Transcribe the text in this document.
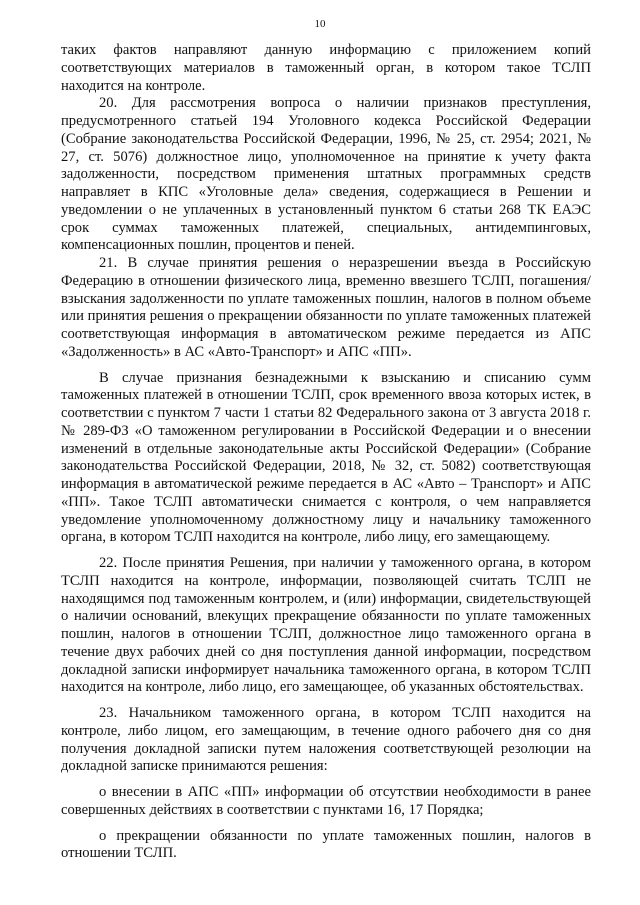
10

таких фактов направляют данную информацию с приложением копий соответствующих материалов в таможенный орган, в котором такое ТСЛП находится на контроле.

20. Для рассмотрения вопроса о наличии признаков преступления, предусмотренного статьей 194 Уголовного кодекса Российской Федерации (Собрание законодательства Российской Федерации, 1996, № 25, ст. 2954; 2021, № 27, ст. 5076) должностное лицо, уполномоченное на принятие к учету факта задолженности, посредством применения штатных программных средств направляет в КПС «Уголовные дела» сведения, содержащиеся в Решении и уведомлении о не уплаченных в установленный пунктом 6 статьи 268 ТК ЕАЭС срок суммах таможенных платежей, специальных, антидемпинговых, компенсационных пошлин, процентов и пеней.

21. В случае принятия решения о неразрешении въезда в Российскую Федерацию в отношении физического лица, временно ввезшего ТСЛП, погашения/взыскания задолженности по уплате таможенных пошлин, налогов в полном объеме или принятия решения о прекращении обязанности по уплате таможенных платежей соответствующая информация в автоматическом режиме передается из АПС «Задолженность» в АС «Авто-Транспорт» и АПС «ПП».

В случае признания безнадежными к взысканию и списанию сумм таможенных платежей в отношении ТСЛП, срок временного ввоза которых истек, в соответствии с пунктом 7 части 1 статьи 82 Федерального закона от 3 августа 2018 г. № 289-ФЗ «О таможенном регулировании в Российской Федерации и о внесении изменений в отдельные законодательные акты Российской Федерации» (Собрание законодательства Российской Федерации, 2018, № 32, ст. 5082) соответствующая информация в автоматической режиме передается в АС «Авто – Транспорт» и АПС «ПП». Такое ТСЛП автоматически снимается с контроля, о чем направляется уведомление уполномоченному должностному лицу и начальнику таможенного органа, в котором ТСЛП находится на контроле, либо лицу, его замещающему.

22. После принятия Решения, при наличии у таможенного органа, в котором ТСЛП находится на контроле, информации, позволяющей считать ТСЛП не находящимся под таможенным контролем, и (или) информации, свидетельствующей о наличии оснований, влекущих прекращение обязанности по уплате таможенных пошлин, налогов в отношении ТСЛП, должностное лицо таможенного органа в течение двух рабочих дней со дня поступления данной информации, посредством докладной записки информирует начальника таможенного органа, в котором ТСЛП находится на контроле, либо лицо, его замещающее, об указанных обстоятельствах.

23. Начальником таможенного органа, в котором ТСЛП находится на контроле, либо лицом, его замещающим, в течение одного рабочего дня со дня получения докладной записки путем наложения соответствующей резолюции на докладной записке принимаются решения:

о внесении в АПС «ПП» информации об отсутствии необходимости в ранее совершенных действиях в соответствии с пунктами 16, 17 Порядка;

о прекращении обязанности по уплате таможенных пошлин, налогов в отношении ТСЛП.
